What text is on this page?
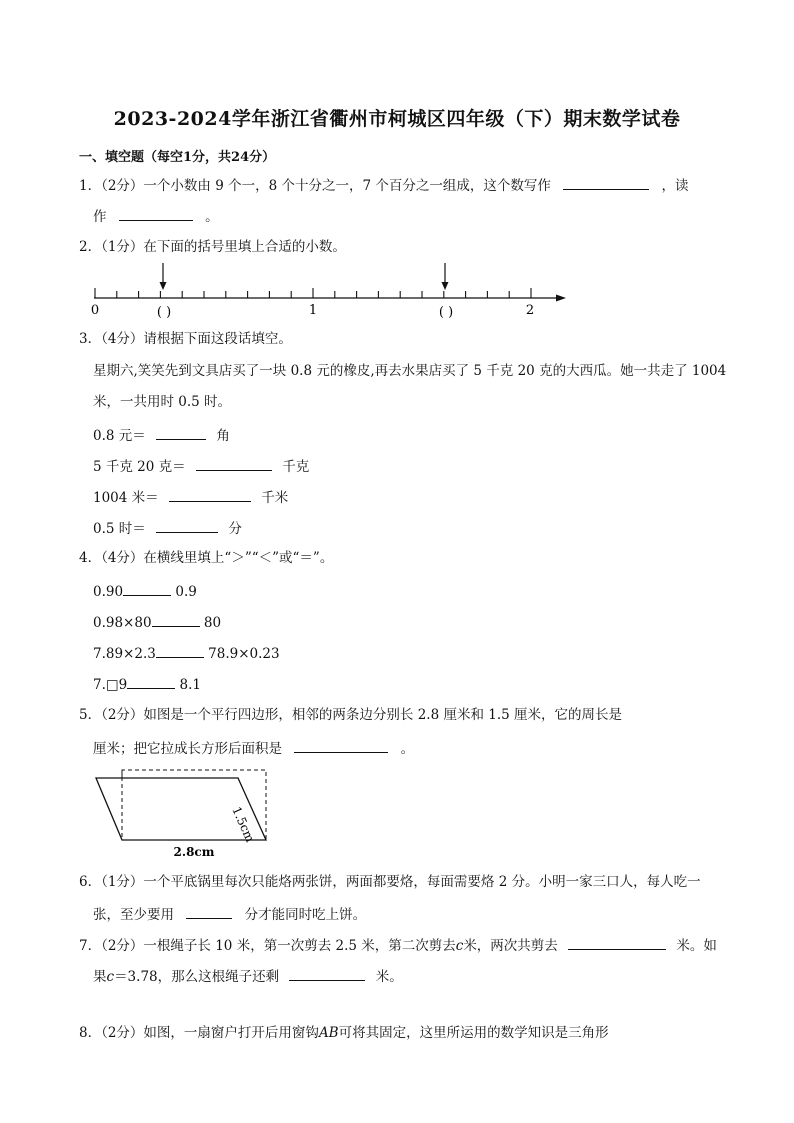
2023-2024学年浙江省衢州市柯城区四年级（下）期末数学试卷
一、填空题（每空1分，共24分）
1．（2分）一个小数由 9 个一，8 个十分之一，7 个百分之一组成，这个数写作	，读
作	。
2．（1分）在下面的括号里填上合适的小数。
0	1	2
( )	( )
3．（4分）请根据下面这段话填空。
星期六,笑笑先到文具店买了一块 0.8 元的橡皮,再去水果店买了 5 千克 20 克的大西瓜。她一共走了 1004
米，一共用时 0.5 时。
0.8 元＝	角
5 千克 20 克＝	千克
1004 米＝	千米
0.5 时＝	分
4．（4分）在横线里填上“＞”“＜”或“＝”。
0.90	0.9
0.98×80	80
7.89×2.3	78.9×0.23
7.□9	8.1
5．（2分）如图是一个平行四边形，相邻的两条边分别长 2.8 厘米和 1.5 厘米，它的周长是
厘米；把它拉成长方形后面积是	。
1.5cm
2.8cm
6．（1分）一个平底锅里每次只能烙两张饼，两面都要烙，每面需要烙 2 分。小明一家三口人，每人吃一
张，至少要用	分才能同时吃上饼。
7．（2分）一根绳子长 10 米，第一次剪去 2.5 米，第二次剪去c米，两次共剪去	米。如
果c＝3.78，那么这根绳子还剩	米。
8．（2分）如图，一扇窗户打开后用窗钩AB可将其固定，这里所运用的数学知识是三角形
